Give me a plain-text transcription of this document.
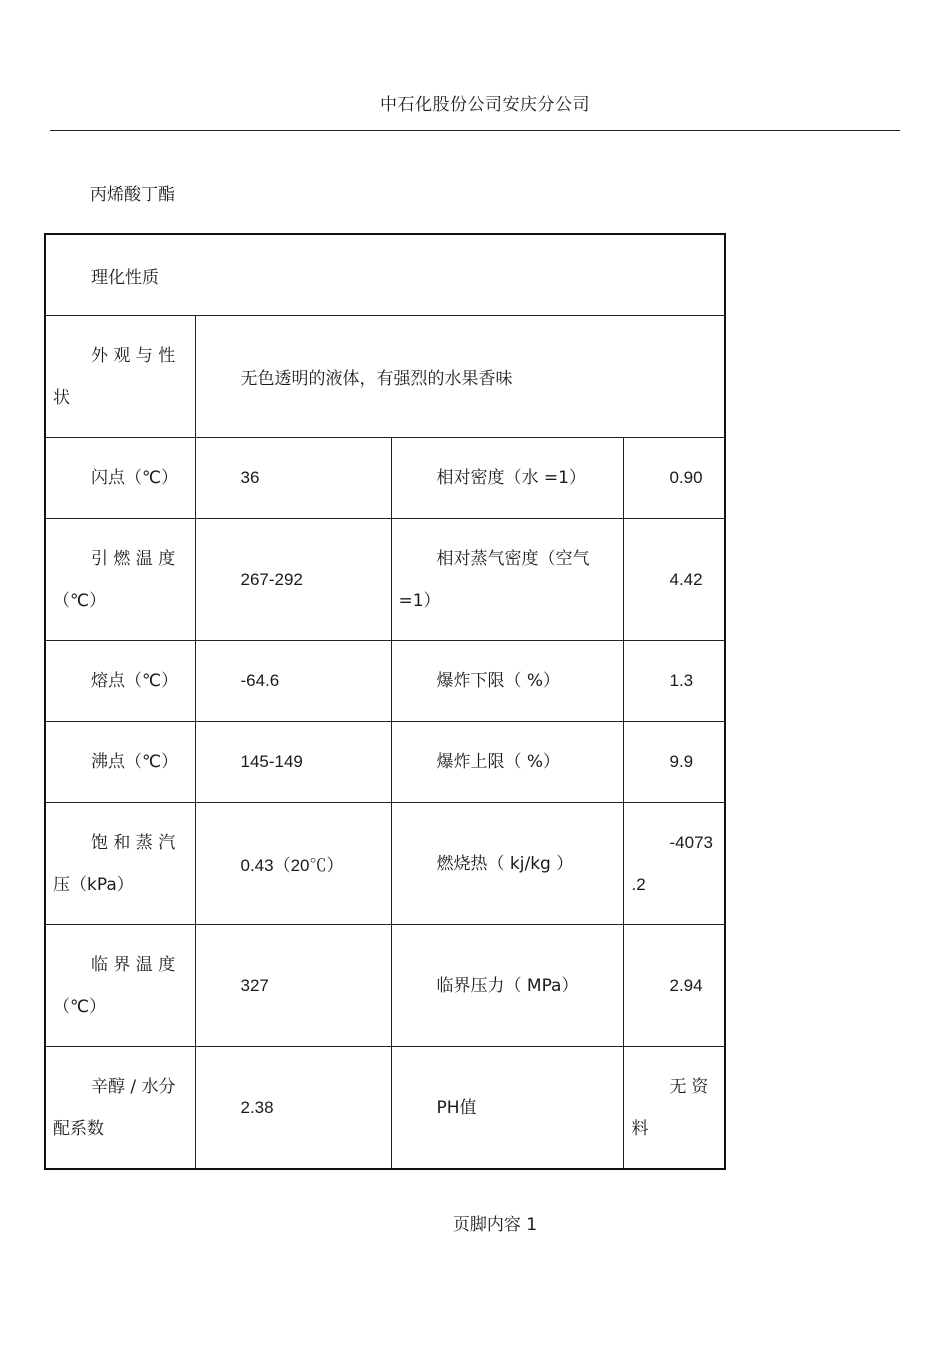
中石化股份公司安庆分公司
丙烯酸丁酯
理化性质			
外 观 与 性
状	无色透明的液体，有强烈的水果香味		
闪点（℃）	36	相对密度（水 =1）	0.90
引 燃 温 度
（℃）	267-292	相对蒸气密度（空气
=1）	4.42
熔点（℃）	-64.6	爆炸下限（ %）	1.3
沸点（℃）	145-149	爆炸上限（ %）	9.9
饱 和 蒸 汽
压（kPa）	0.43（20℃）	燃烧热（ kj/kg ）	-4073
.2
临 界 温 度
（℃）	327	临界压力（ MPa）	2.94
辛醇 / 水分
配系数	2.38	PH值	无 资
料
页脚内容 1
